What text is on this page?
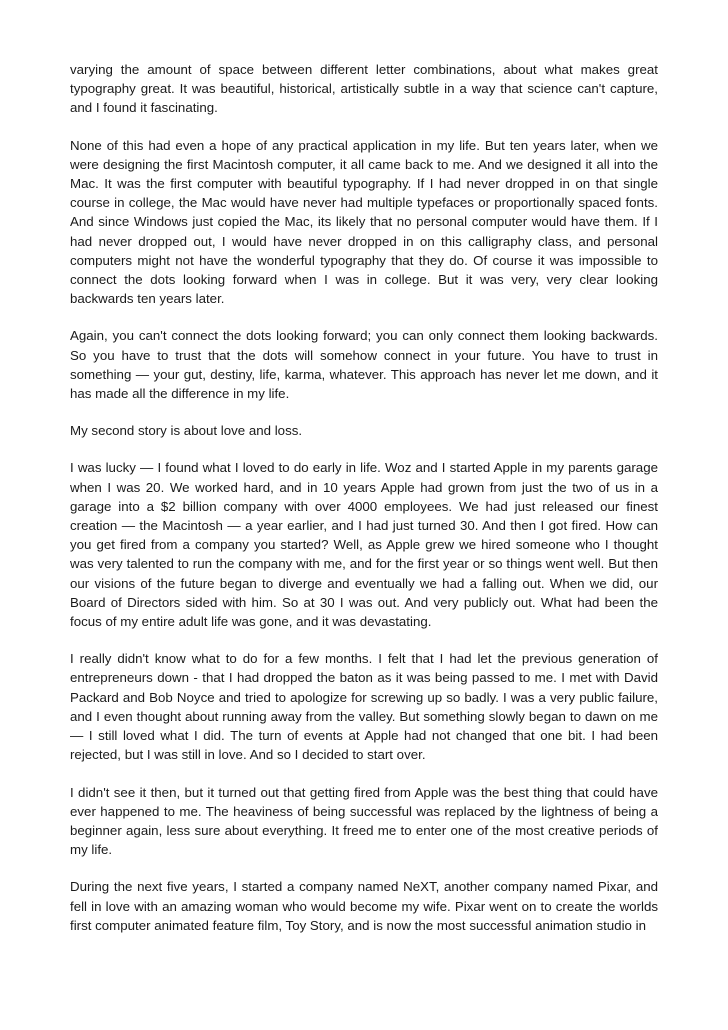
varying the amount of space between different letter combinations, about what makes great typography great. It was beautiful, historical, artistically subtle in a way that science can't capture, and I found it fascinating.

None of this had even a hope of any practical application in my life. But ten years later, when we were designing the first Macintosh computer, it all came back to me. And we designed it all into the Mac. It was the first computer with beautiful typography. If I had never dropped in on that single course in college, the Mac would have never had multiple typefaces or proportionally spaced fonts. And since Windows just copied the Mac, its likely that no personal computer would have them. If I had never dropped out, I would have never dropped in on this calligraphy class, and personal computers might not have the wonderful typography that they do. Of course it was impossible to connect the dots looking forward when I was in college. But it was very, very clear looking backwards ten years later.

Again, you can't connect the dots looking forward; you can only connect them looking backwards. So you have to trust that the dots will somehow connect in your future. You have to trust in something — your gut, destiny, life, karma, whatever. This approach has never let me down, and it has made all the difference in my life.

My second story is about love and loss.

I was lucky — I found what I loved to do early in life. Woz and I started Apple in my parents garage when I was 20. We worked hard, and in 10 years Apple had grown from just the two of us in a garage into a $2 billion company with over 4000 employees. We had just released our finest creation — the Macintosh — a year earlier, and I had just turned 30. And then I got fired. How can you get fired from a company you started? Well, as Apple grew we hired someone who I thought was very talented to run the company with me, and for the first year or so things went well. But then our visions of the future began to diverge and eventually we had a falling out. When we did, our Board of Directors sided with him. So at 30 I was out. And very publicly out. What had been the focus of my entire adult life was gone, and it was devastating.

I really didn't know what to do for a few months. I felt that I had let the previous generation of entrepreneurs down - that I had dropped the baton as it was being passed to me. I met with David Packard and Bob Noyce and tried to apologize for screwing up so badly. I was a very public failure, and I even thought about running away from the valley. But something slowly began to dawn on me — I still loved what I did. The turn of events at Apple had not changed that one bit. I had been rejected, but I was still in love. And so I decided to start over.

I didn't see it then, but it turned out that getting fired from Apple was the best thing that could have ever happened to me. The heaviness of being successful was replaced by the lightness of being a beginner again, less sure about everything. It freed me to enter one of the most creative periods of my life.

During the next five years, I started a company named NeXT, another company named Pixar, and fell in love with an amazing woman who would become my wife. Pixar went on to create the worlds first computer animated feature film, Toy Story, and is now the most successful animation studio in
